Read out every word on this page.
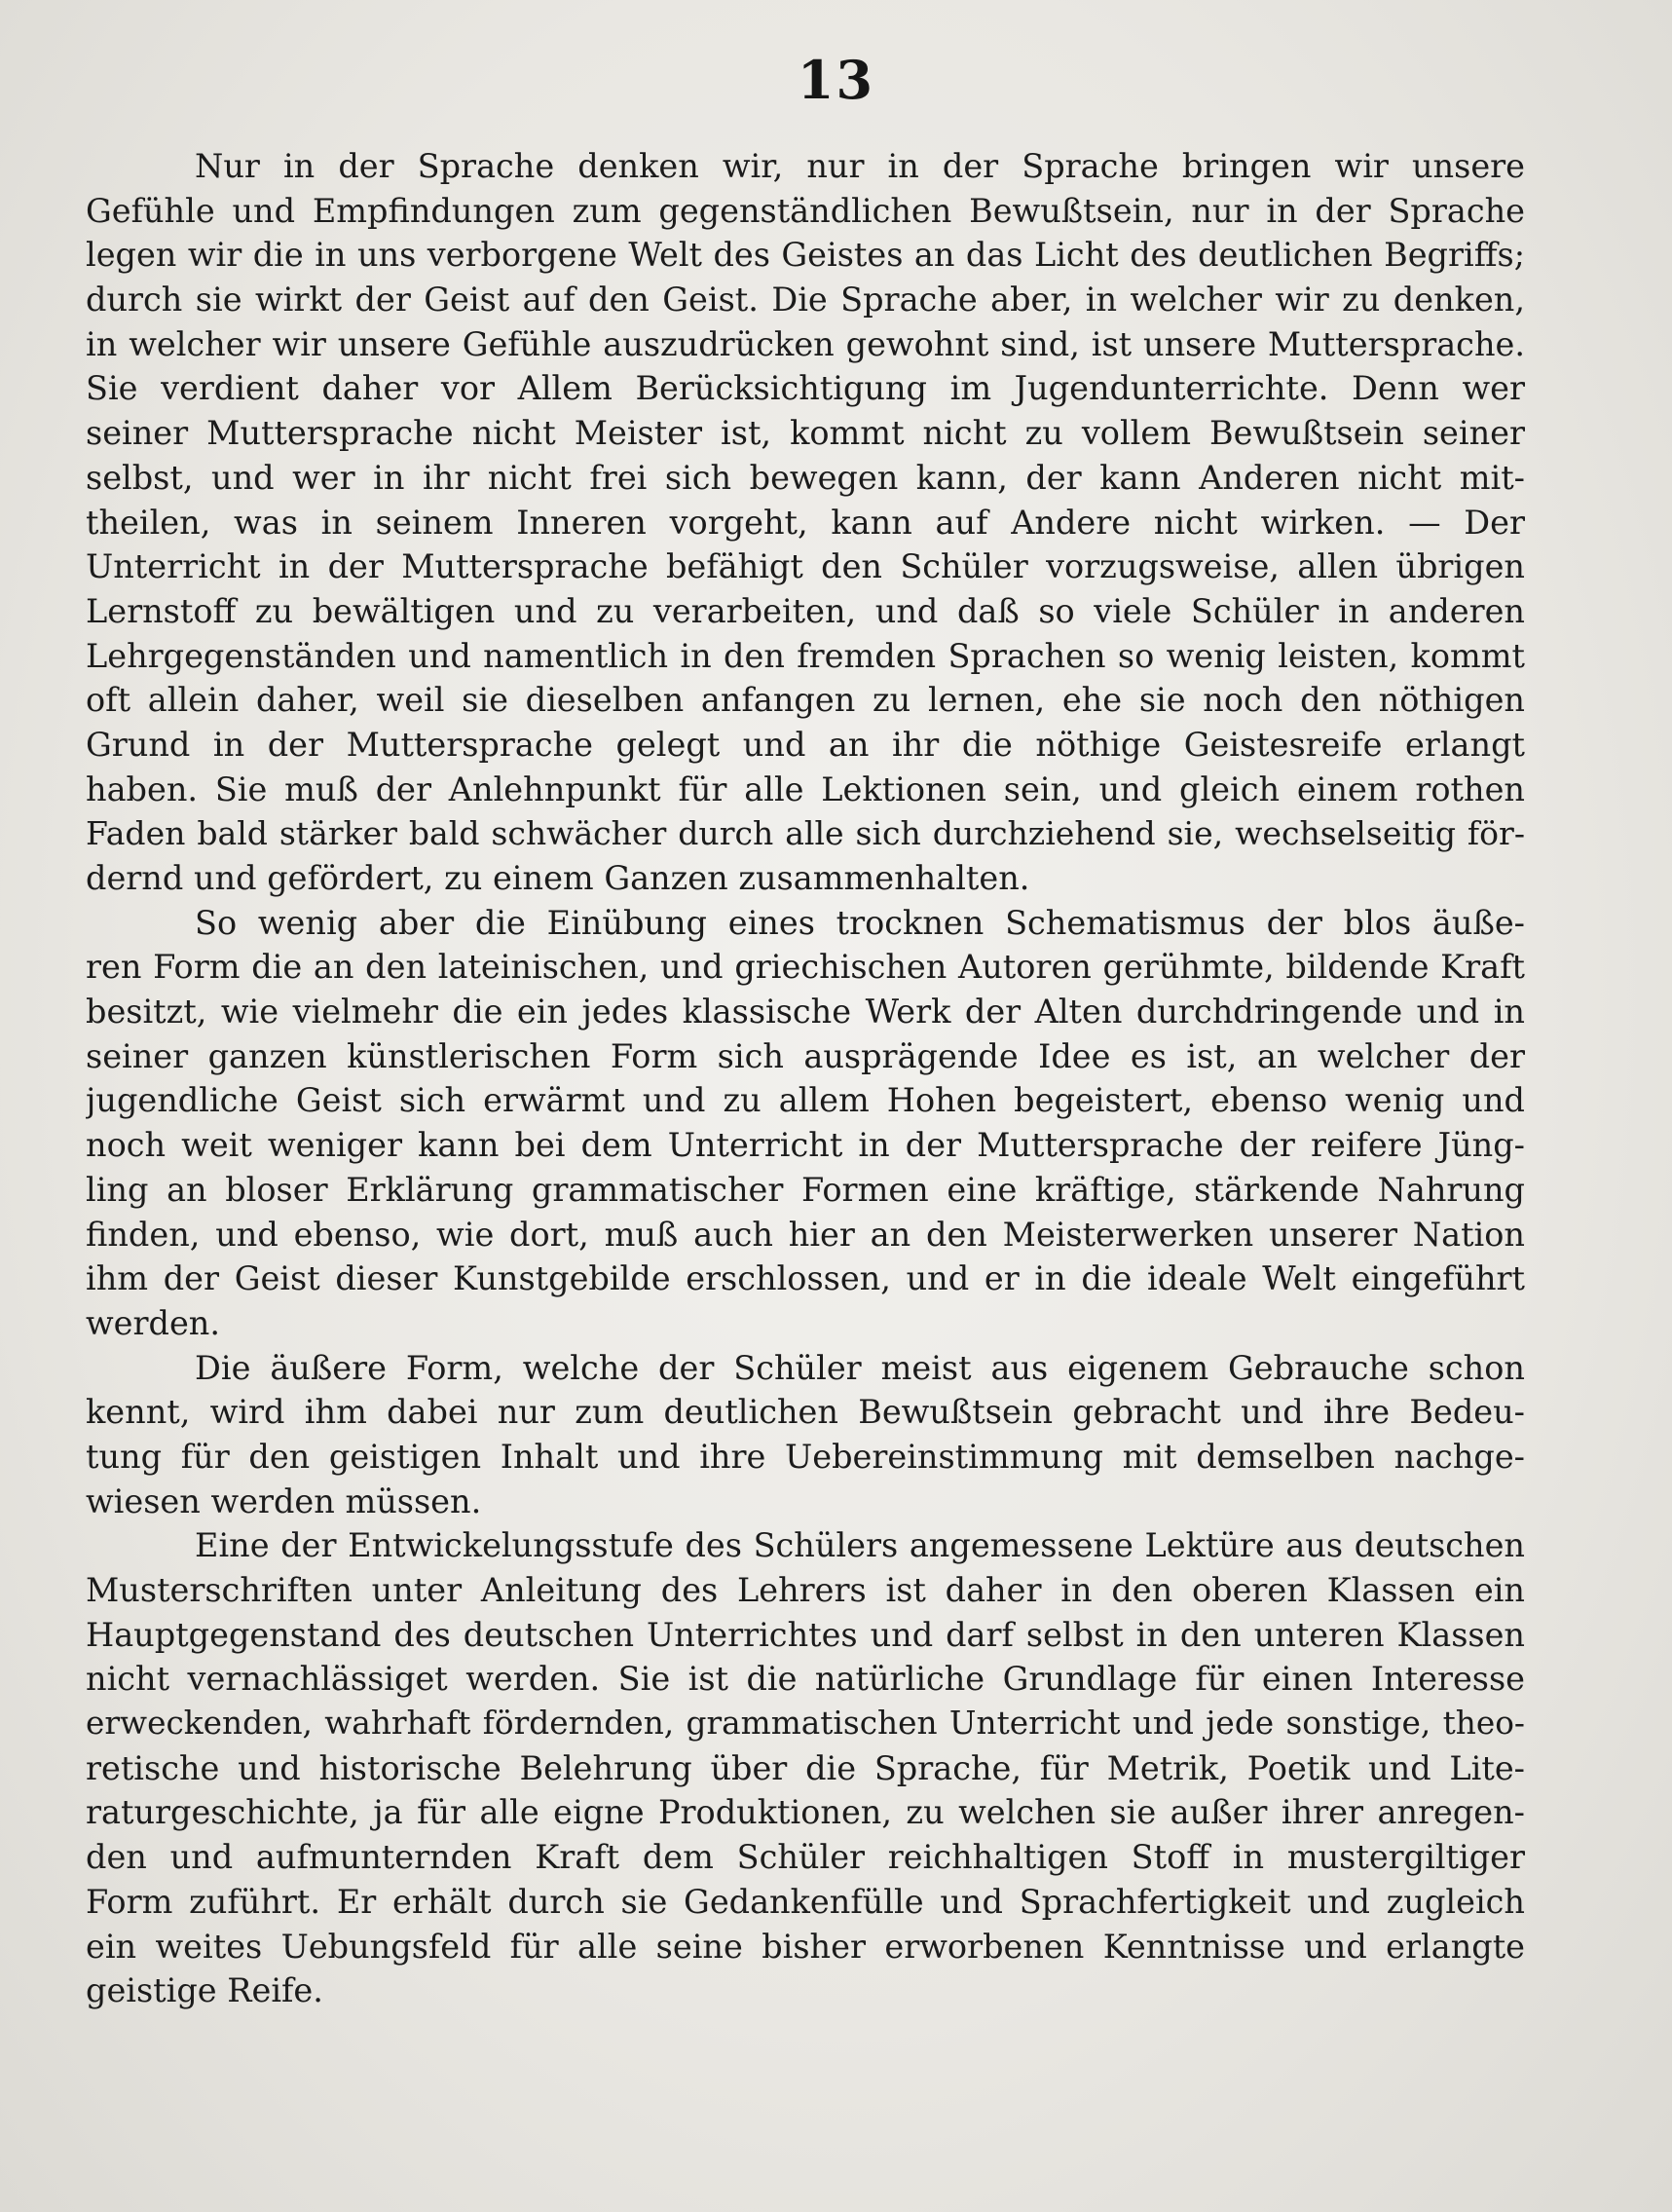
13
Nur in der Sprache denken wir, nur in der Sprache bringen wir unsere
Gefühle und Empfindungen zum gegenständlichen Bewußtsein, nur in der Sprache
legen wir die in uns verborgene Welt des Geistes an das Licht des deutlichen Begriffs;
durch sie wirkt der Geist auf den Geist. Die Sprache aber, in welcher wir zu denken,
in welcher wir unsere Gefühle auszudrücken gewohnt sind, ist unsere Muttersprache.
Sie verdient daher vor Allem Berücksichtigung im Jugendunterrichte. Denn wer
seiner Muttersprache nicht Meister ist, kommt nicht zu vollem Bewußtsein seiner
selbst, und wer in ihr nicht frei sich bewegen kann, der kann Anderen nicht mit-
theilen, was in seinem Inneren vorgeht, kann auf Andere nicht wirken. — Der
Unterricht in der Muttersprache befähigt den Schüler vorzugsweise, allen übrigen
Lernstoff zu bewältigen und zu verarbeiten, und daß so viele Schüler in anderen
Lehrgegenständen und namentlich in den fremden Sprachen so wenig leisten, kommt
oft allein daher, weil sie dieselben anfangen zu lernen, ehe sie noch den nöthigen
Grund in der Muttersprache gelegt und an ihr die nöthige Geistesreife erlangt
haben. Sie muß der Anlehnpunkt für alle Lektionen sein, und gleich einem rothen
Faden bald stärker bald schwächer durch alle sich durchziehend sie, wechselseitig för-
dernd und gefördert, zu einem Ganzen zusammenhalten.
So wenig aber die Einübung eines trocknen Schematismus der blos äuße-
ren Form die an den lateinischen, und griechischen Autoren gerühmte, bildende Kraft
besitzt, wie vielmehr die ein jedes klassische Werk der Alten durchdringende und in
seiner ganzen künstlerischen Form sich ausprägende Idee es ist, an welcher der
jugendliche Geist sich erwärmt und zu allem Hohen begeistert, ebenso wenig und
noch weit weniger kann bei dem Unterricht in der Muttersprache der reifere Jüng-
ling an bloser Erklärung grammatischer Formen eine kräftige, stärkende Nahrung
finden, und ebenso, wie dort, muß auch hier an den Meisterwerken unserer Nation
ihm der Geist dieser Kunstgebilde erschlossen, und er in die ideale Welt eingeführt
werden.
Die äußere Form, welche der Schüler meist aus eigenem Gebrauche schon
kennt, wird ihm dabei nur zum deutlichen Bewußtsein gebracht und ihre Bedeu-
tung für den geistigen Inhalt und ihre Uebereinstimmung mit demselben nachge-
wiesen werden müssen.
Eine der Entwickelungsstufe des Schülers angemessene Lektüre aus deutschen
Musterschriften unter Anleitung des Lehrers ist daher in den oberen Klassen ein
Hauptgegenstand des deutschen Unterrichtes und darf selbst in den unteren Klassen
nicht vernachlässiget werden. Sie ist die natürliche Grundlage für einen Interesse
erweckenden, wahrhaft fördernden, grammatischen Unterricht und jede sonstige, theo-
retische und historische Belehrung über die Sprache, für Metrik, Poetik und Lite-
raturgeschichte, ja für alle eigne Produktionen, zu welchen sie außer ihrer anregen-
den und aufmunternden Kraft dem Schüler reichhaltigen Stoff in mustergiltiger
Form zuführt. Er erhält durch sie Gedankenfülle und Sprachfertigkeit und zugleich
ein weites Uebungsfeld für alle seine bisher erworbenen Kenntnisse und erlangte
geistige Reife.
